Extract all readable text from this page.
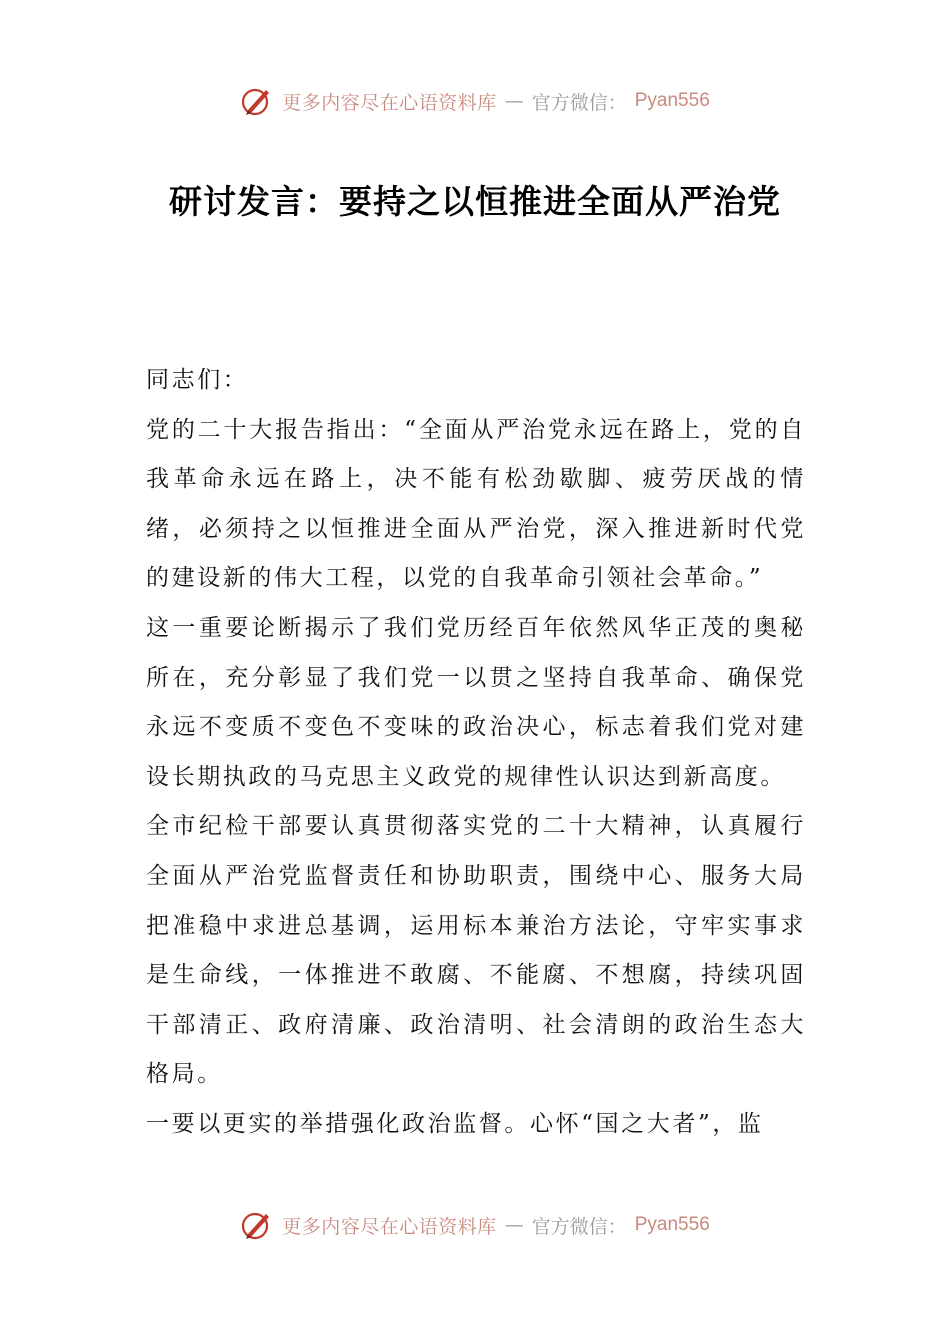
更多内容尽在心语资料库 — 官方微信： Pyan556
研讨发言：要持之以恒推进全面从严治党

同志们：

党的二十大报告指出：“全面从严治党永远在路上，党的自我革命永远在路上，决不能有松劲歇脚、疲劳厌战的情绪，必须持之以恒推进全面从严治党，深入推进新时代党的建设新的伟大工程，以党的自我革命引领社会革命。”

这一重要论断揭示了我们党历经百年依然风华正茂的奥秘所在，充分彰显了我们党一以贯之坚持自我革命、确保党永远不变质不变色不变味的政治决心，标志着我们党对建设长期执政的马克思主义政党的规律性认识达到新高度。

全市纪检干部要认真贯彻落实党的二十大精神，认真履行全面从严治党监督责任和协助职责，围绕中心、服务大局把准稳中求进总基调，运用标本兼治方法论，守牢实事求是生命线，一体推进不敢腐、不能腐、不想腐，持续巩固干部清正、政府清廉、政治清明、社会清朗的政治生态大格局。

一要以更实的举措强化政治监督。心怀“国之大者”，监

更多内容尽在心语资料库 — 官方微信： Pyan556
